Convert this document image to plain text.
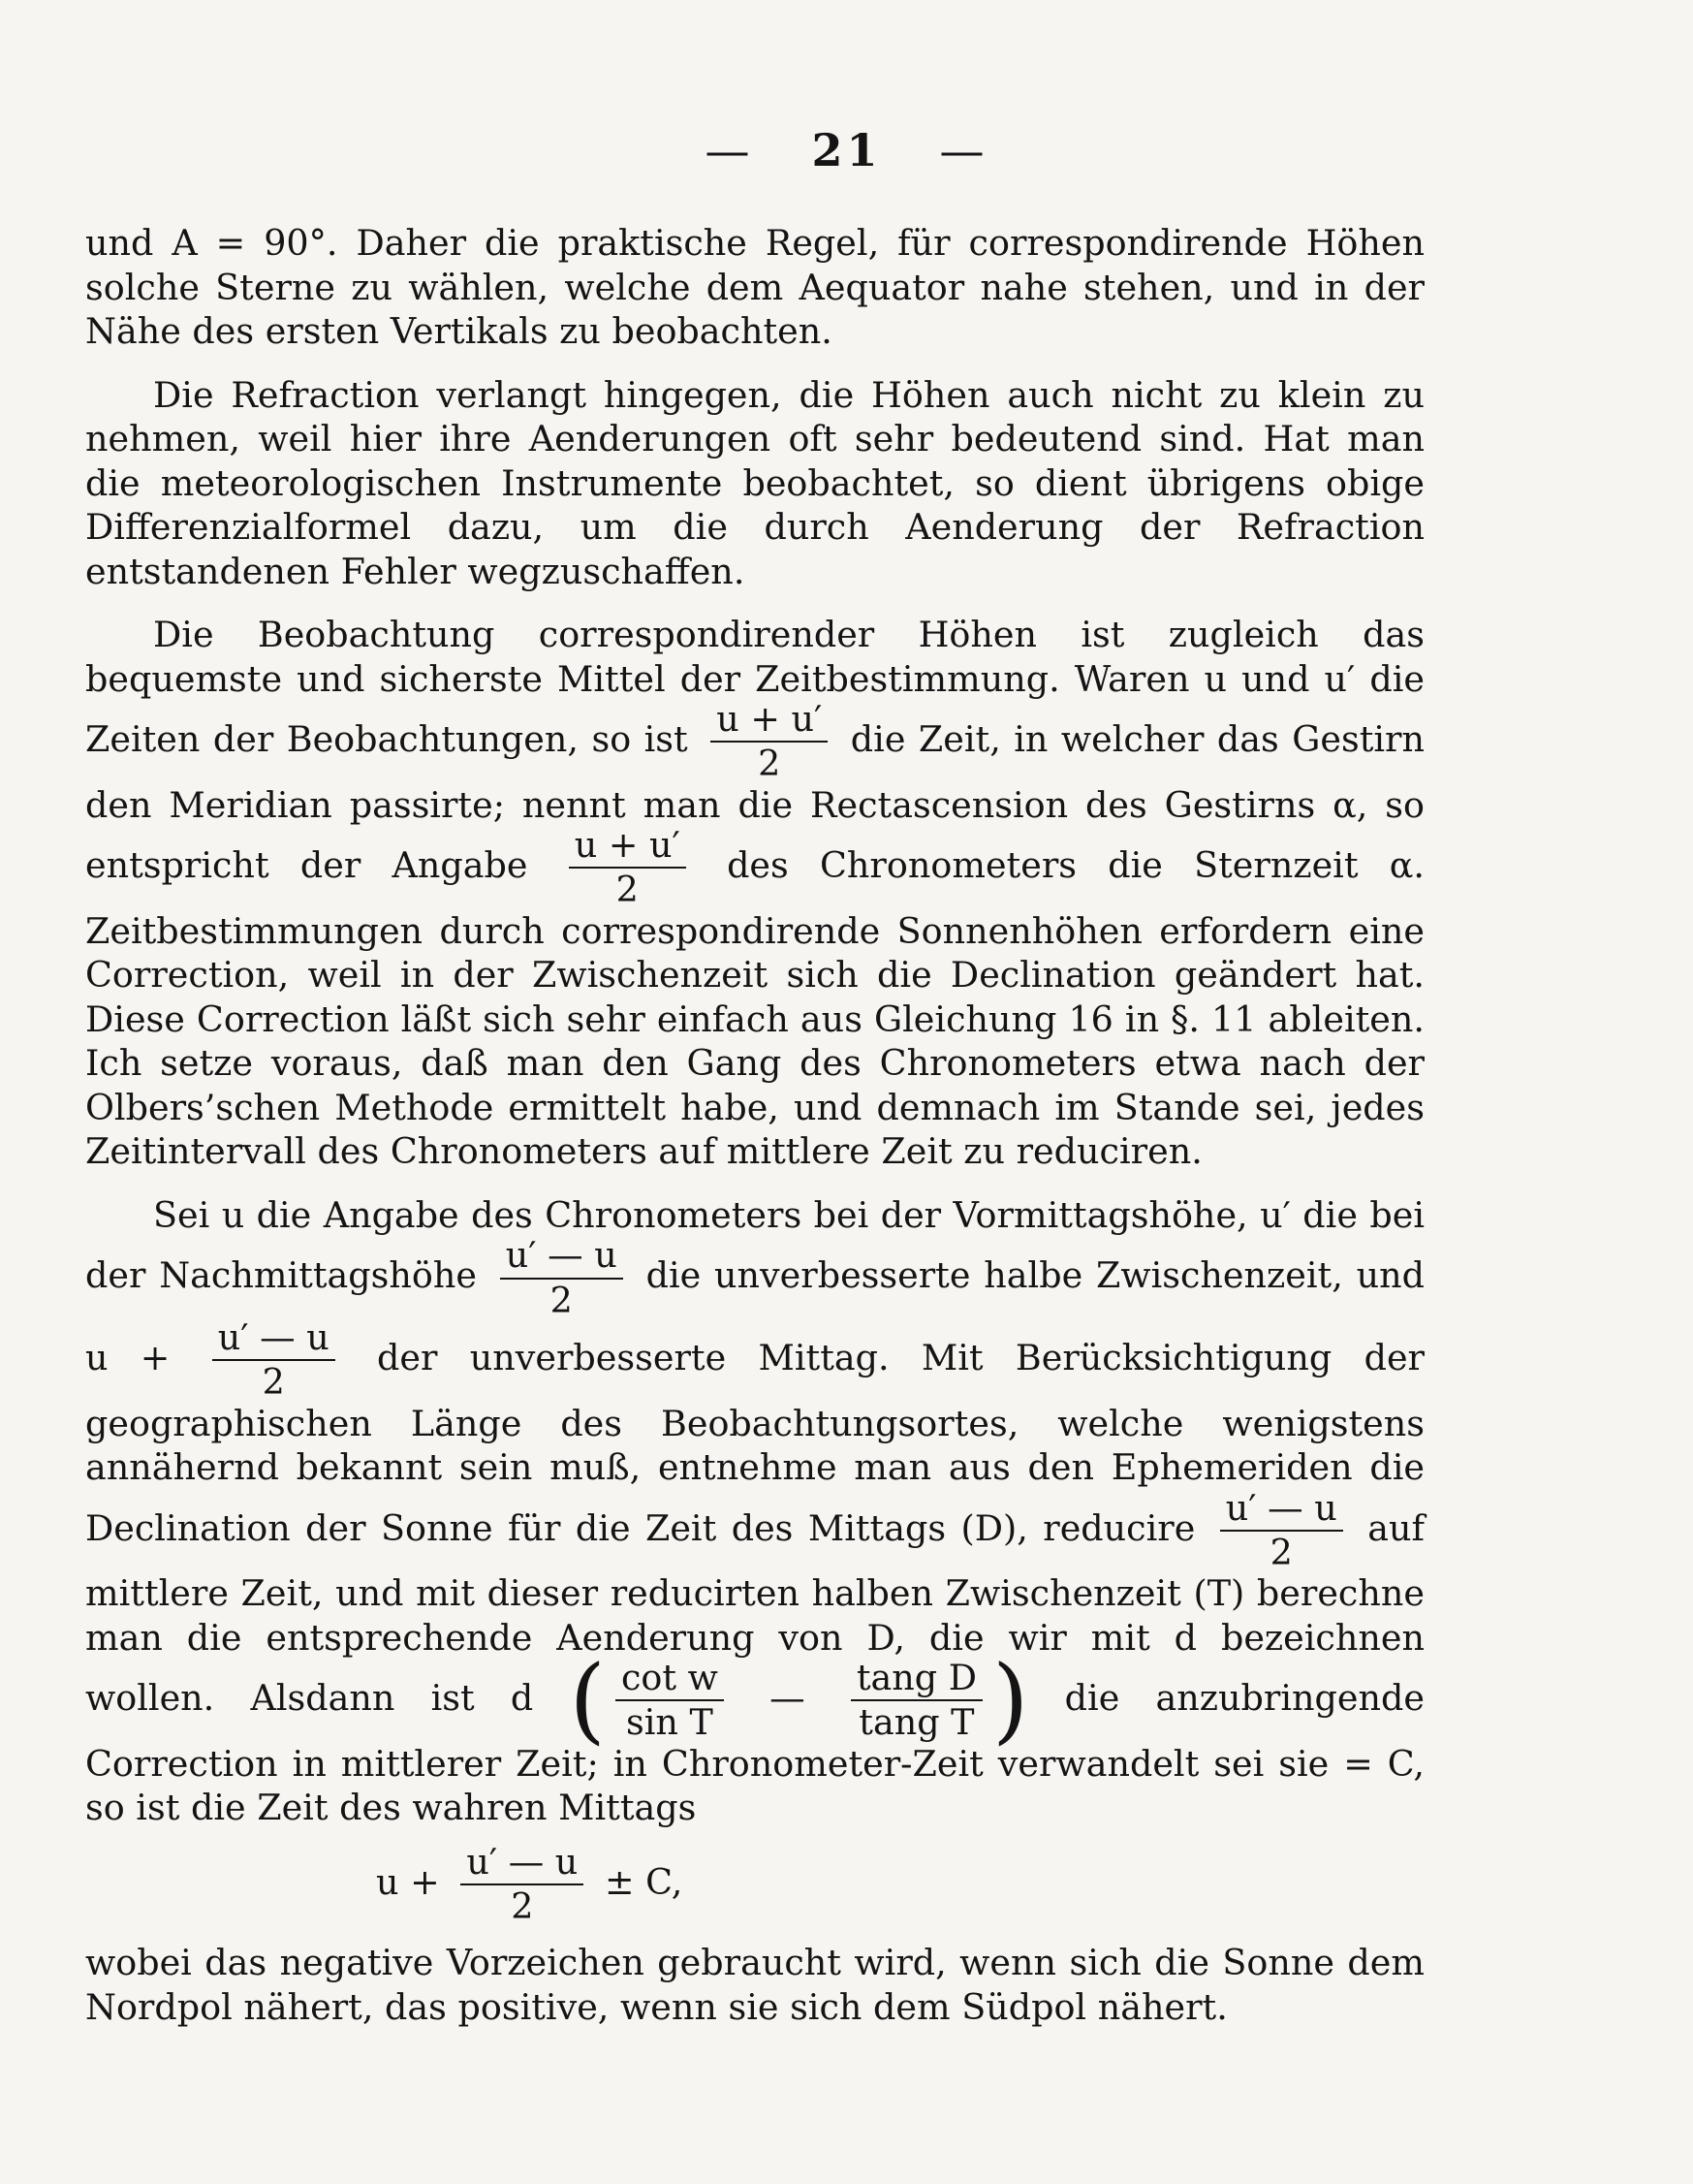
— 21 —

und A = 90°. Daher die praktische Regel, für correspondirende Höhen solche Sterne zu wählen, welche dem Aequator nahe stehen, und in der Nähe des ersten Vertikals zu beobachten.

Die Refraction verlangt hingegen, die Höhen auch nicht zu klein zu nehmen, weil hier ihre Aenderungen oft sehr bedeutend sind. Hat man die meteorologischen Instrumente beobachtet, so dient übrigens obige Differenzialformel dazu, um die durch Aenderung der Refraction entstandenen Fehler wegzuschaffen.

Die Beobachtung correspondirender Höhen ist zugleich das bequemste und sicherste Mittel der Zeitbestimmung. Waren u und u′ die Zeiten der Beobachtungen, so ist $\frac{u + u'}{2}$ die Zeit, in welcher das Gestirn den Meridian passirte; nennt man die Rectascension des Gestirns α, so entspricht der Angabe $\frac{u + u'}{2}$ des Chronometers die Sternzeit α. Zeitbestimmungen durch correspondirende Sonnenhöhen erfordern eine Correction, weil in der Zwischenzeit sich die Declination geändert hat. Diese Correction läßt sich sehr einfach aus Gleichung 16 in §. 11 ableiten. Ich setze voraus, daß man den Gang des Chronometers etwa nach der Olbers’schen Methode ermittelt habe, und demnach im Stande sei, jedes Zeitintervall des Chronometers auf mittlere Zeit zu reduciren.

Sei u die Angabe des Chronometers bei der Vormittagshöhe, u′ die bei der Nachmittagshöhe $\frac{u' — u}{2}$ die unverbesserte halbe Zwischenzeit, und $u + \frac{u' — u}{2}$ der unverbesserte Mittag. Mit Berücksichtigung der geographischen Länge des Beobachtungsortes, welche wenigstens annähernd bekannt sein muß, entnehme man aus den Ephemeriden die Declination der Sonne für die Zeit des Mittags (D), reducire $\frac{u' — u}{2}$ auf mittlere Zeit, und mit dieser reducirten halben Zwischenzeit (T) berechne man die entsprechende Aenderung von D, die wir mit d bezeichnen wollen. Alsdann ist d ( $\frac{\text{cot w}}{\text{sin T}}$ — $\frac{\text{tang D}}{\text{tang T}}$ ) die anzubringende Correction in mittlerer Zeit; in Chronometer-Zeit verwandelt sei sie = C, so ist die Zeit des wahren Mittags
$u + \frac{u' — u}{2} \pm C$,
wobei das negative Vorzeichen gebraucht wird, wenn sich die Sonne dem Nordpol nähert, das positive, wenn sie sich dem Südpol nähert.
